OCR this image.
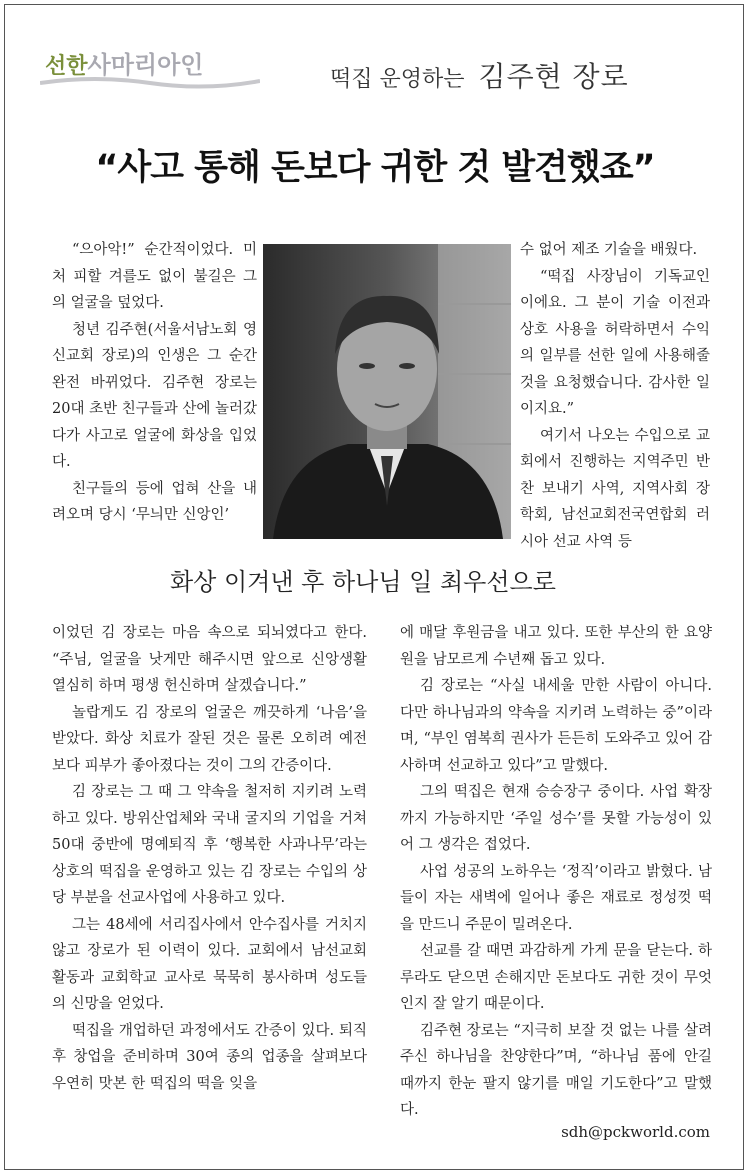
선한사마리아인
떡집 운영하는 김주현 장로
“사고 통해 돈보다 귀한 것 발견했죠”
화상 이겨낸 후 하나님 일 최우선으로

“으아악!” 순간적이었다. 미처 피할 겨를도 없이 불길은 그의 얼굴을 덮었다.

청년 김주현(서울서남노회 영신교회 장로)의 인생은 그 순간 완전 바뀌었다. 김주현 장로는 20대 초반 친구들과 산에 놀러갔다가 사고로 얼굴에 화상을 입었다.

친구들의 등에 업혀 산을 내려오며 당시 ‘무늬만 신앙인’

수 없어 제조 기술을 배웠다.

“떡집 사장님이 기독교인이에요. 그 분이 기술 이전과 상호 사용을 허락하면서 수익의 일부를 선한 일에 사용해줄 것을 요청했습니다. 감사한 일이지요.”

여기서 나오는 수입으로 교회에서 진행하는 지역주민 반찬 보내기 사역, 지역사회 장학회, 남선교회전국연합회 러시아 선교 사역 등

이었던 김 장로는 마음 속으로 되뇌였다고 한다. “주님, 얼굴을 낫게만 해주시면 앞으로 신앙생활 열심히 하며 평생 헌신하며 살겠습니다.”

놀랍게도 김 장로의 얼굴은 깨끗하게 ‘나음’을 받았다. 화상 치료가 잘된 것은 물론 오히려 예전보다 피부가 좋아졌다는 것이 그의 간증이다.

김 장로는 그 때 그 약속을 철저히 지키려 노력하고 있다. 방위산업체와 국내 굴지의 기업을 거쳐 50대 중반에 명예퇴직 후 ‘행복한 사과나무’라는 상호의 떡집을 운영하고 있는 김 장로는 수입의 상당 부분을 선교사업에 사용하고 있다.

그는 48세에 서리집사에서 안수집사를 거치지 않고 장로가 된 이력이 있다. 교회에서 남선교회 활동과 교회학교 교사로 묵묵히 봉사하며 성도들의 신망을 얻었다.

떡집을 개업하던 과정에서도 간증이 있다. 퇴직 후 창업을 준비하며 30여 종의 업종을 살펴보다 우연히 맛본 한 떡집의 떡을 잊을

에 매달 후원금을 내고 있다. 또한 부산의 한 요양원을 남모르게 수년째 돕고 있다.

김 장로는 “사실 내세울 만한 사람이 아니다. 다만 하나님과의 약속을 지키려 노력하는 중”이라며, “부인 염복희 권사가 든든히 도와주고 있어 감사하며 선교하고 있다”고 말했다.

그의 떡집은 현재 승승장구 중이다. 사업 확장까지 가능하지만 ‘주일 성수’를 못할 가능성이 있어 그 생각은 접었다.

사업 성공의 노하우는 ‘정직’이라고 밝혔다. 남들이 자는 새벽에 일어나 좋은 재료로 정성껏 떡을 만드니 주문이 밀려온다.

선교를 갈 때면 과감하게 가게 문을 닫는다. 하루라도 닫으면 손해지만 돈보다도 귀한 것이 무엇인지 잘 알기 때문이다.

김주현 장로는 “지극히 보잘 것 없는 나를 살려주신 하나님을 찬양한다”며, “하나님 품에 안길 때까지 한눈 팔지 않기를 매일 기도한다”고 말했다.

sdh@pckworld.com
